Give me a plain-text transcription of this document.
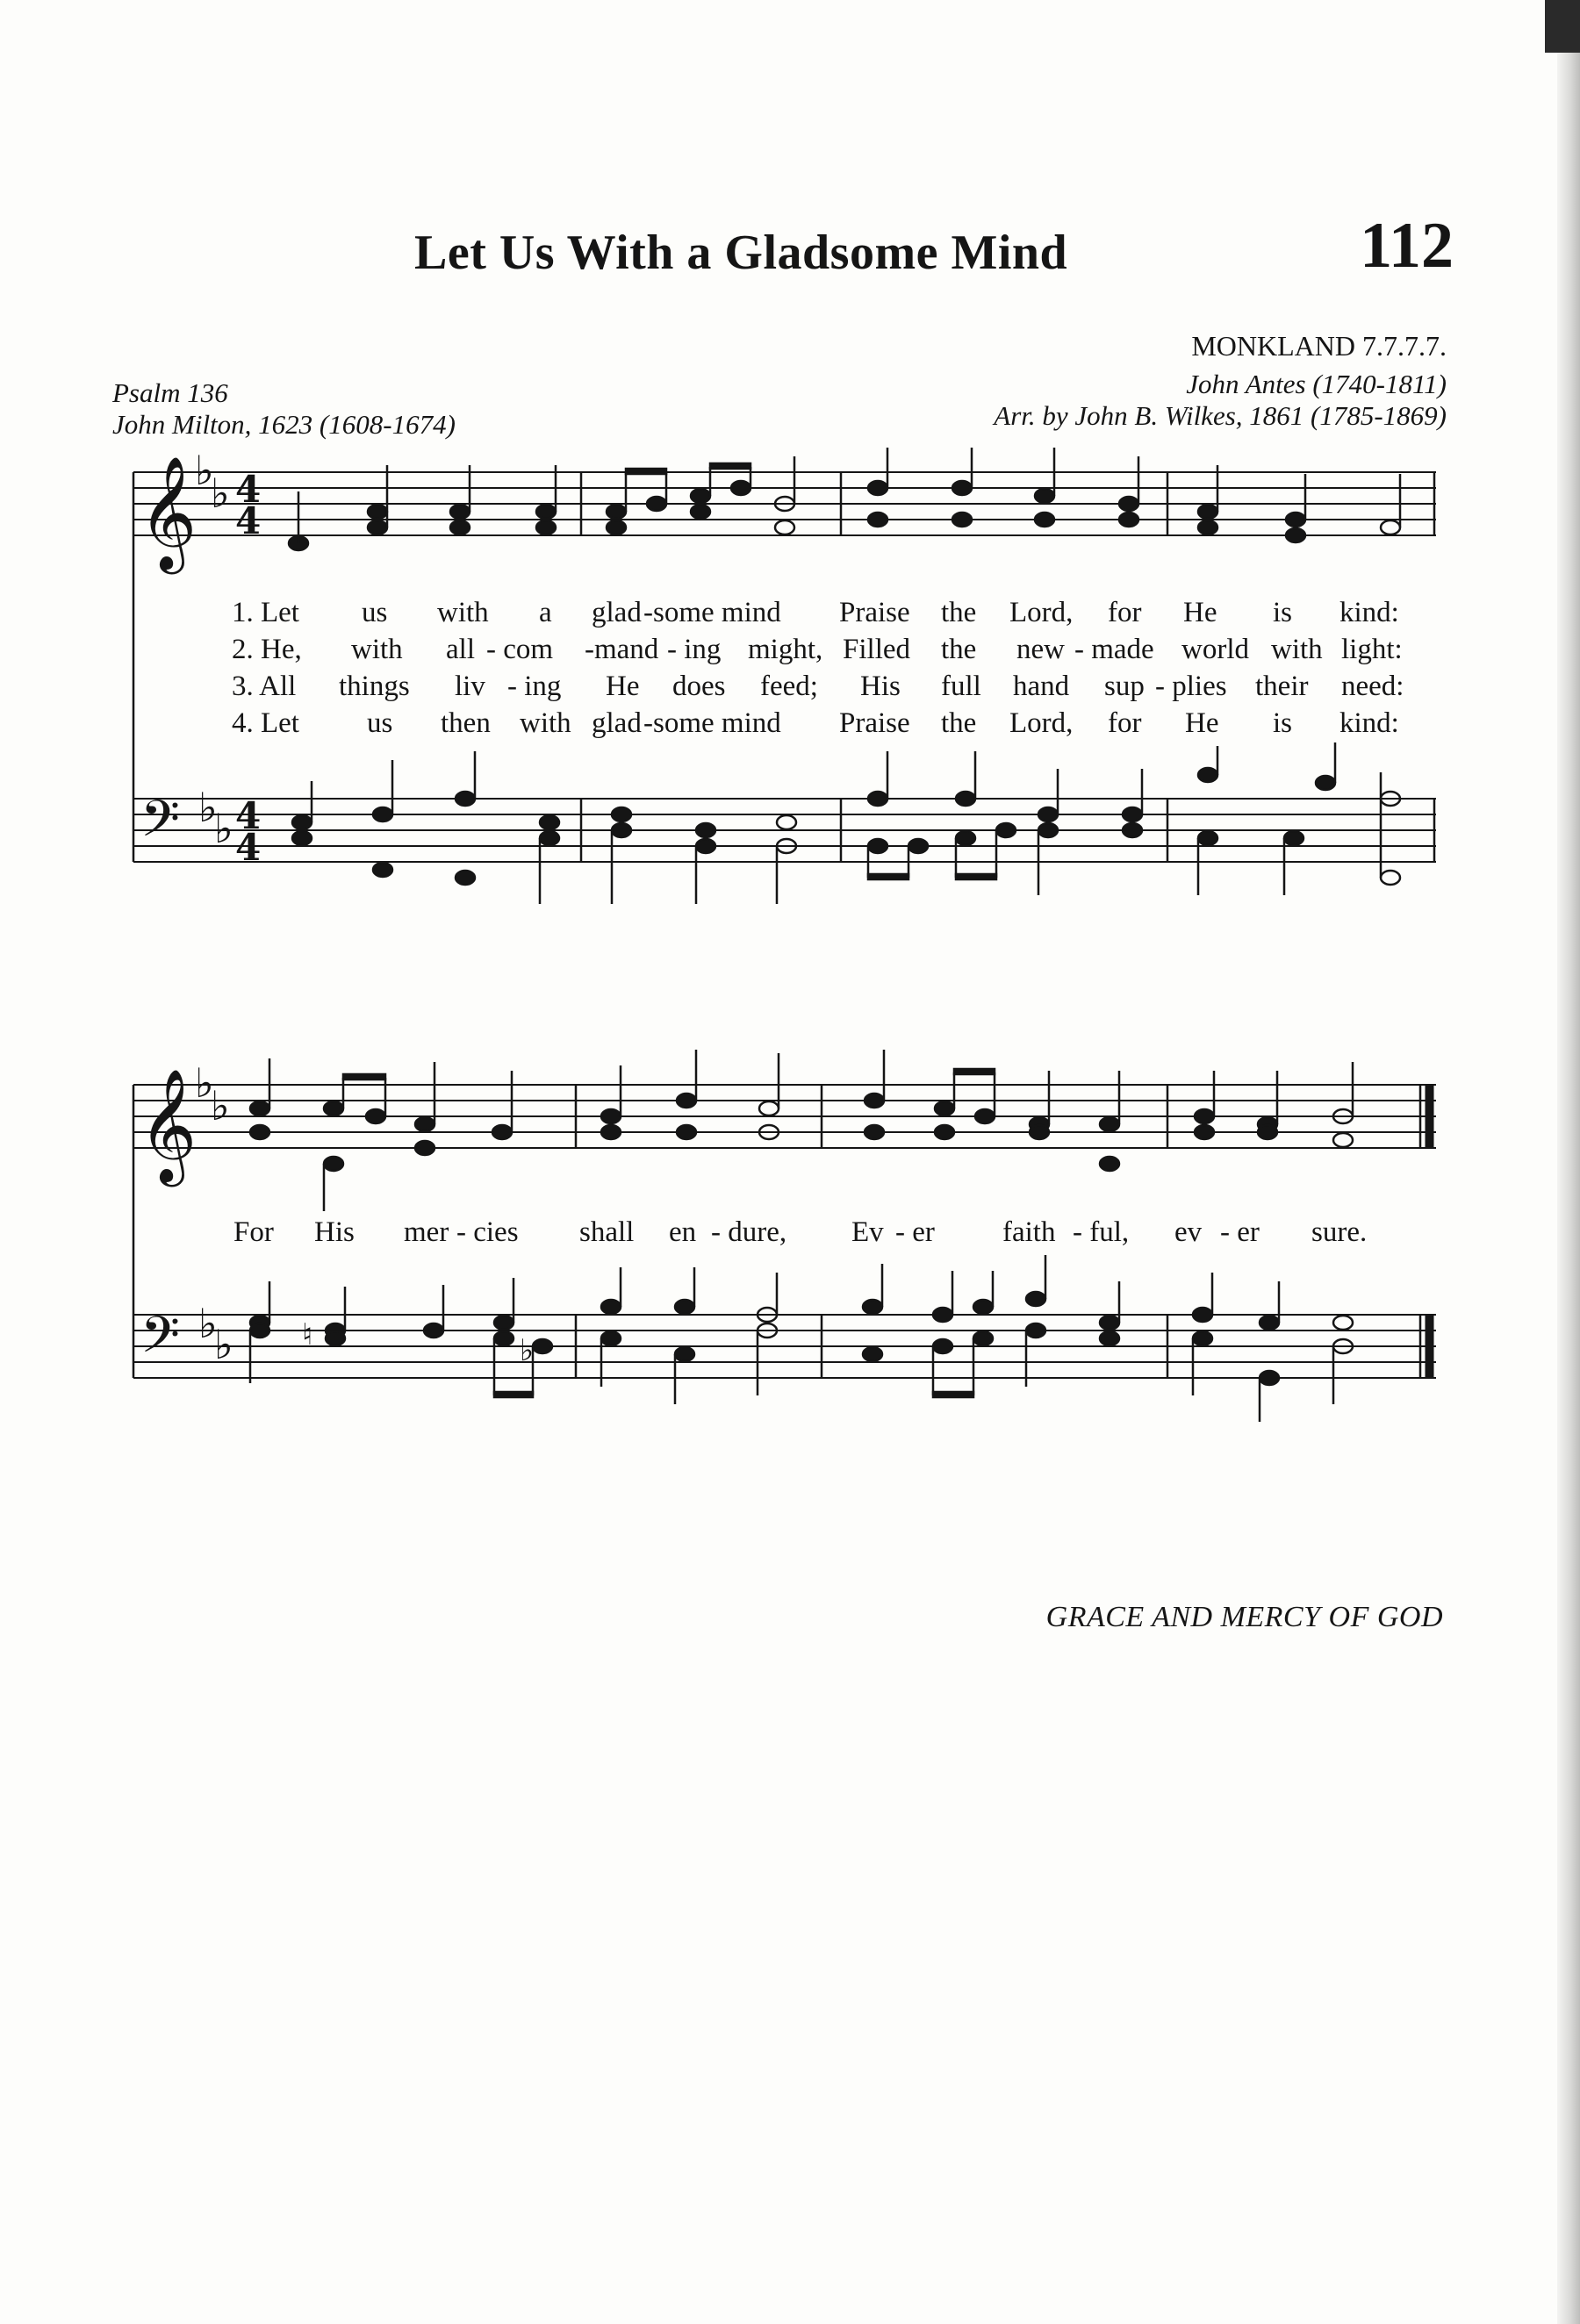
Let Us With a Gladsome Mind	112
MONKLAND 7.7.7.7.
Psalm 136
John Milton, 1623 (1608-1674)
John Antes (1740-1811)
Arr. by John B. Wilkes, 1861 (1785-1869)
1. Let us with a glad -some mind Praise the Lord, for He is kind:
2. He, with all - com -mand - ing might, Filled the new - made world with light:
3. All things liv - ing He does feed; His full hand sup - plies their need:
4. Let us then with glad -some mind Praise the Lord, for He is kind:
For His mer - cies shall en - dure, Ev - er faith - ful, ev - er sure.
GRACE AND MERCY OF GOD
𝄞
𝄢
𝄞
𝄢
♭
♭
♭
♭
♭
♭
♭
♭
4
4
4
4
♮	♭
